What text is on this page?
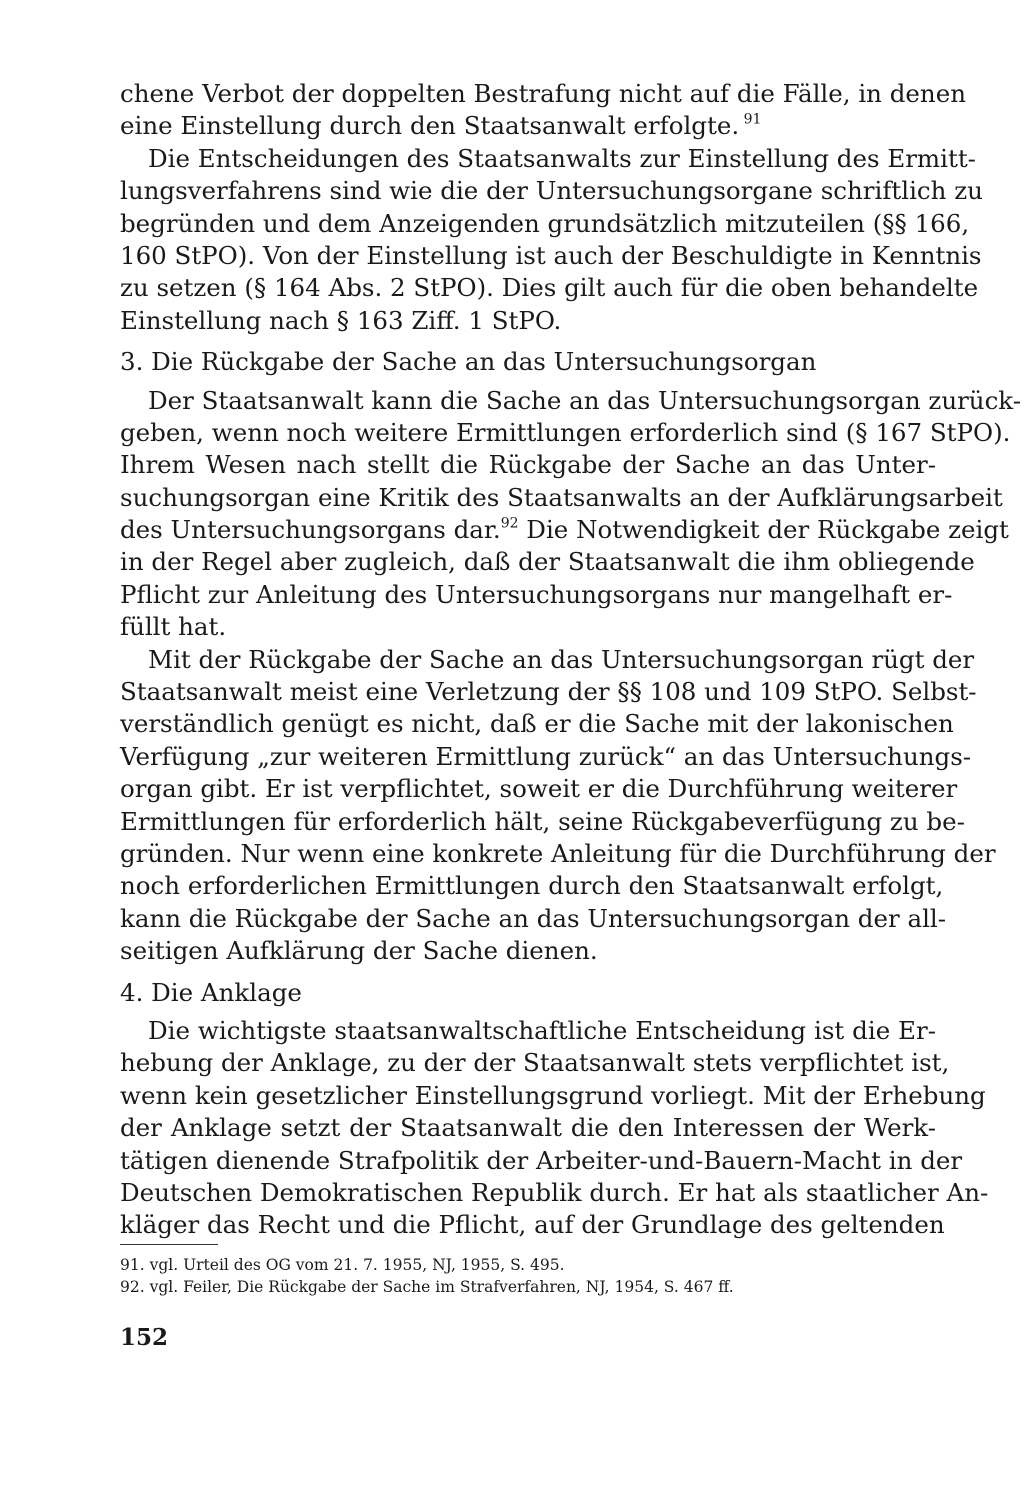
chene Verbot der doppelten Bestrafung nicht auf die Fälle, in denen
eine Einstellung durch den Staatsanwalt erfolgte. $^{91}$
Die Entscheidungen des Staatsanwalts zur Einstellung des Ermitt-
lungsverfahrens sind wie die der Untersuchungsorgane schriftlich zu
begründen und dem Anzeigenden grundsätzlich mitzuteilen (§§ 166,
160 StPO). Von der Einstellung ist auch der Beschuldigte in Kenntnis
zu setzen (§ 164 Abs. 2 StPO). Dies gilt auch für die oben behandelte
Einstellung nach § 163 Ziff. 1 StPO.
3. Die Rückgabe der Sache an das Untersuchungsorgan
Der Staatsanwalt kann die Sache an das Untersuchungsorgan zurück-
geben, wenn noch weitere Ermittlungen erforderlich sind (§ 167 StPO).
Ihrem Wesen nach stellt die Rückgabe der Sache an das Unter-
suchungsorgan eine Kritik des Staatsanwalts an der Aufklärungsarbeit
des Untersuchungsorgans dar.$^{92}$ Die Notwendigkeit der Rückgabe zeigt
in der Regel aber zugleich, daß der Staatsanwalt die ihm obliegende
Pflicht zur Anleitung des Untersuchungsorgans nur mangelhaft er-
füllt hat.
Mit der Rückgabe der Sache an das Untersuchungsorgan rügt der
Staatsanwalt meist eine Verletzung der §§ 108 und 109 StPO. Selbst-
verständlich genügt es nicht, daß er die Sache mit der lakonischen
Verfügung „zur weiteren Ermittlung zurück“ an das Untersuchungs-
organ gibt. Er ist verpflichtet, soweit er die Durchführung weiterer
Ermittlungen für erforderlich hält, seine Rückgabeverfügung zu be-
gründen. Nur wenn eine konkrete Anleitung für die Durchführung der
noch erforderlichen Ermittlungen durch den Staatsanwalt erfolgt,
kann die Rückgabe der Sache an das Untersuchungsorgan der all-
seitigen Aufklärung der Sache dienen.
4. Die Anklage
Die wichtigste staatsanwaltschaftliche Entscheidung ist die Er-
hebung der Anklage, zu der der Staatsanwalt stets verpflichtet ist,
wenn kein gesetzlicher Einstellungsgrund vorliegt. Mit der Erhebung
der Anklage setzt der Staatsanwalt die den Interessen der Werk-
tätigen dienende Strafpolitik der Arbeiter-und-Bauern-Macht in der
Deutschen Demokratischen Republik durch. Er hat als staatlicher An-
kläger das Recht und die Pflicht, auf der Grundlage des geltenden
91. vgl. Urteil des OG vom 21. 7. 1955, NJ, 1955, S. 495.
92. vgl. Feiler, Die Rückgabe der Sache im Strafverfahren, NJ, 1954, S. 467 ff.
152
